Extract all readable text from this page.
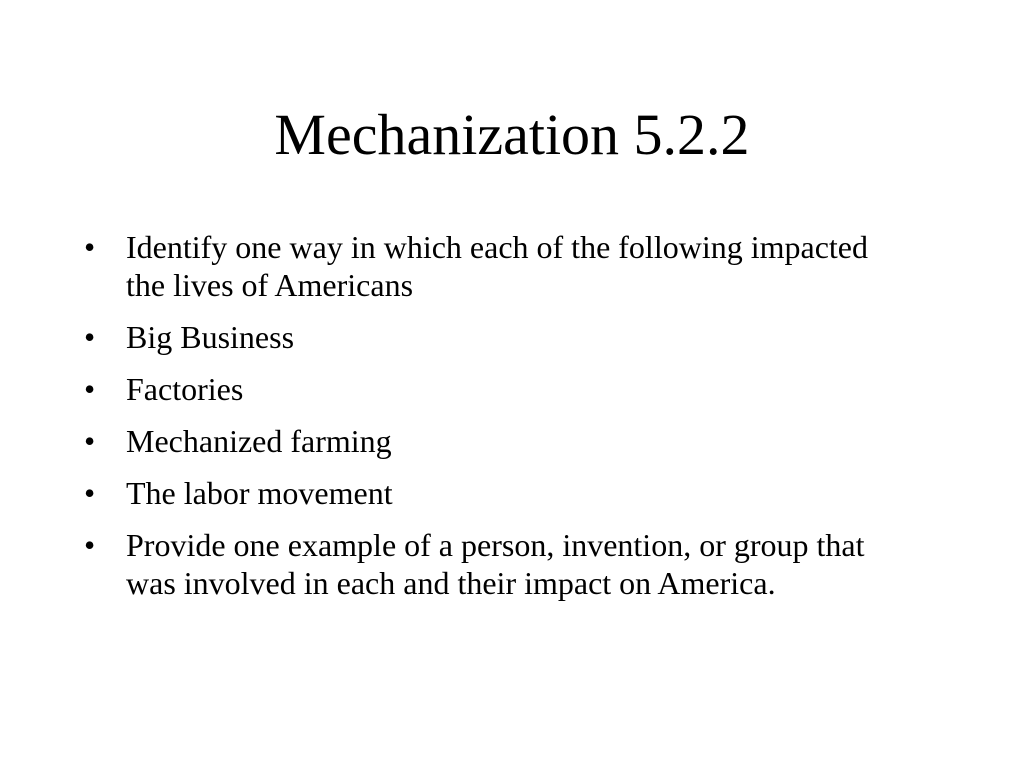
Mechanization 5.2.2
• Identify one way in which each of the following impacted the lives of Americans
• Big Business
• Factories
• Mechanized farming
• The labor movement
• Provide one example of a person, invention, or group that was involved in each and their impact on America.
